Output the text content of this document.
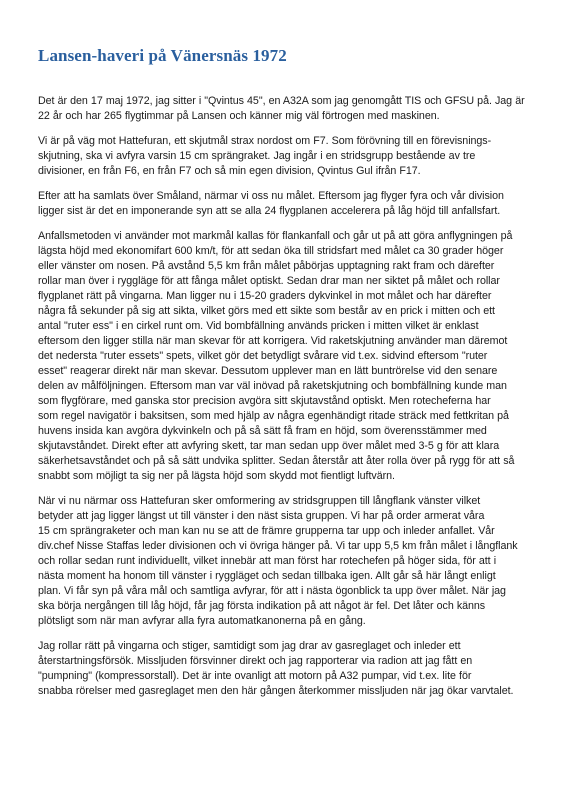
Lansen-haveri på Vänersnäs 1972

Det är den 17 maj 1972, jag sitter i "Qvintus 45", en A32A som jag genomgått TIS och GFSU på. Jag är
22 år och har 265 flygtimmar på Lansen och känner mig väl förtrogen med maskinen.

Vi är på väg mot Hattefuran, ett skjutmål strax nordost om F7. Som förövning till en förevisnings-
skjutning, ska vi avfyra varsin 15 cm sprängraket. Jag ingår i en stridsgrupp bestående av tre
divisioner, en från F6, en från F7 och så min egen division, Qvintus Gul ifrån F17.

Efter att ha samlats över Småland, närmar vi oss nu målet. Eftersom jag flyger fyra och vår division
ligger sist är det en imponerande syn att se alla 24 flygplanen accelerera på låg höjd till anfallsfart.

Anfallsmetoden vi använder mot markmål kallas för flankanfall och går ut på att göra anflygningen på
lägsta höjd med ekonomifart 600 km/t, för att sedan öka till stridsfart med målet ca 30 grader höger
eller vänster om nosen. På avstånd 5,5 km från målet påbörjas upptagning rakt fram och därefter
rollar man över i ryggläge för att fånga målet optiskt. Sedan drar man ner siktet på målet och rollar
flygplanet rätt på vingarna. Man ligger nu i 15-20 graders dykvinkel in mot målet och har därefter
några få sekunder på sig att sikta, vilket görs med ett sikte som består av en prick i mitten och ett
antal "ruter ess" i en cirkel runt om. Vid bombfällning används pricken i mitten vilket är enklast
eftersom den ligger stilla när man skevar för att korrigera. Vid raketskjutning använder man däremot
det nedersta "ruter essets" spets, vilket gör det betydligt svårare vid t.ex. sidvind eftersom "ruter
esset" reagerar direkt när man skevar. Dessutom upplever man en lätt buntrörelse vid den senare
delen av målföljningen. Eftersom man var väl inövad på raketskjutning och bombfällning kunde man
som flygförare, med ganska stor precision avgöra sitt skjutavstånd optiskt. Men rotecheferna har
som regel navigatör i baksitsen, som med hjälp av några egenhändigt ritade sträck med fettkritan på
huvens insida kan avgöra dykvinkeln och på så sätt få fram en höjd, som överensstämmer med
skjutavståndet. Direkt efter att avfyring skett, tar man sedan upp över målet med 3-5 g för att klara
säkerhetsavståndet och på så sätt undvika splitter. Sedan återstår att åter rolla över på rygg för att så
snabbt som möjligt ta sig ner på lägsta höjd som skydd mot fientligt luftvärn.

När vi nu närmar oss Hattefuran sker omformering av stridsgruppen till långflank vänster vilket
betyder att jag ligger längst ut till vänster i den näst sista gruppen. Vi har på order armerat våra
15 cm sprängraketer och man kan nu se att de främre grupperna tar upp och inleder anfallet. Vår
div.chef Nisse Staffas leder divisionen och vi övriga hänger på. Vi tar upp 5,5 km från målet i långflank
och rollar sedan runt individuellt, vilket innebär att man först har rotechefen på höger sida, för att i
nästa moment ha honom till vänster i ryggläget och sedan tillbaka igen. Allt går så här långt enligt
plan. Vi får syn på våra mål och samtliga avfyrar, för att i nästa ögonblick ta upp över målet. När jag
ska börja nergången till låg höjd, får jag första indikation på att något är fel. Det låter och känns
plötsligt som när man avfyrar alla fyra automatkanonerna på en gång.

Jag rollar rätt på vingarna och stiger, samtidigt som jag drar av gasreglaget och inleder ett
återstartningsförsök. Missljuden försvinner direkt och jag rapporterar via radion att jag fått en
"pumpning" (kompressorstall). Det är inte ovanligt att motorn på A32 pumpar, vid t.ex. lite för
snabba rörelser med gasreglaget men den här gången återkommer missljuden när jag ökar varvtalet.
